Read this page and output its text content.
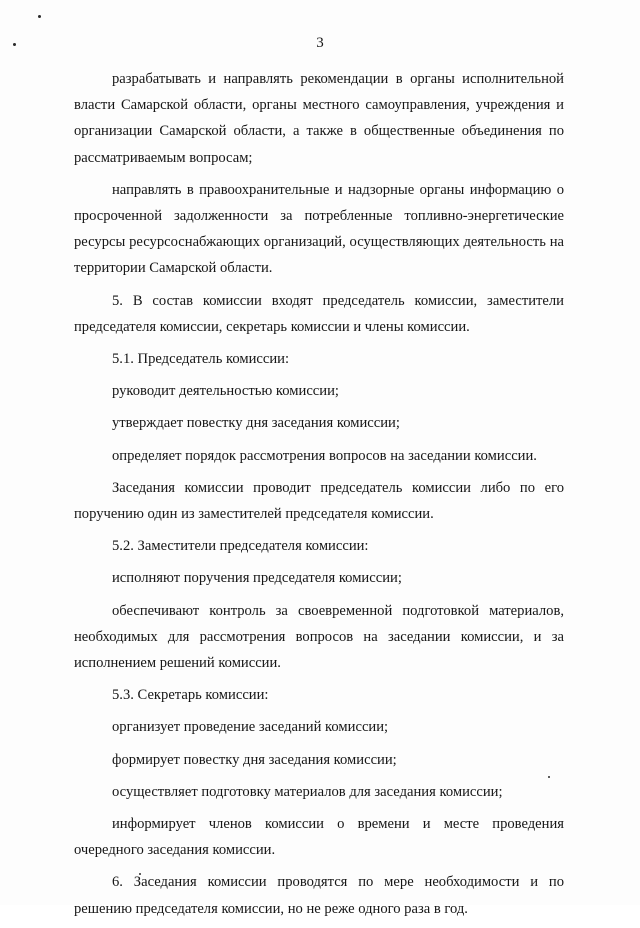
3

разрабатывать и направлять рекомендации в органы исполнительной власти Самарской области, органы местного самоуправления, учреждения и организации Самарской области, а также в общественные объединения по рассматриваемым вопросам;

направлять в правоохранительные и надзорные органы информацию о просроченной задолженности за потребленные топливно-энергетические ресурсы ресурсоснабжающих организаций, осуществляющих деятельность на территории Самарской области.

5. В состав комиссии входят председатель комиссии, заместители председателя комиссии, секретарь комиссии и члены комиссии.

5.1. Председатель комиссии:

руководит деятельностью комиссии;

утверждает повестку дня заседания комиссии;

определяет порядок рассмотрения вопросов на заседании комиссии.

Заседания комиссии проводит председатель комиссии либо по его поручению один из заместителей председателя комиссии.

5.2. Заместители председателя комиссии:

исполняют поручения председателя комиссии;

обеспечивают контроль за своевременной подготовкой материалов, необходимых для рассмотрения вопросов на заседании комиссии, и за исполнением решений комиссии.

5.3. Секретарь комиссии:

организует проведение заседаний комиссии;

формирует повестку дня заседания комиссии;

осуществляет подготовку материалов для заседания комиссии;

информирует членов комиссии о времени и месте проведения очередного заседания комиссии.

6. Заседания комиссии проводятся по мере необходимости и по решению председателя комиссии, но не реже одного раза в год.
